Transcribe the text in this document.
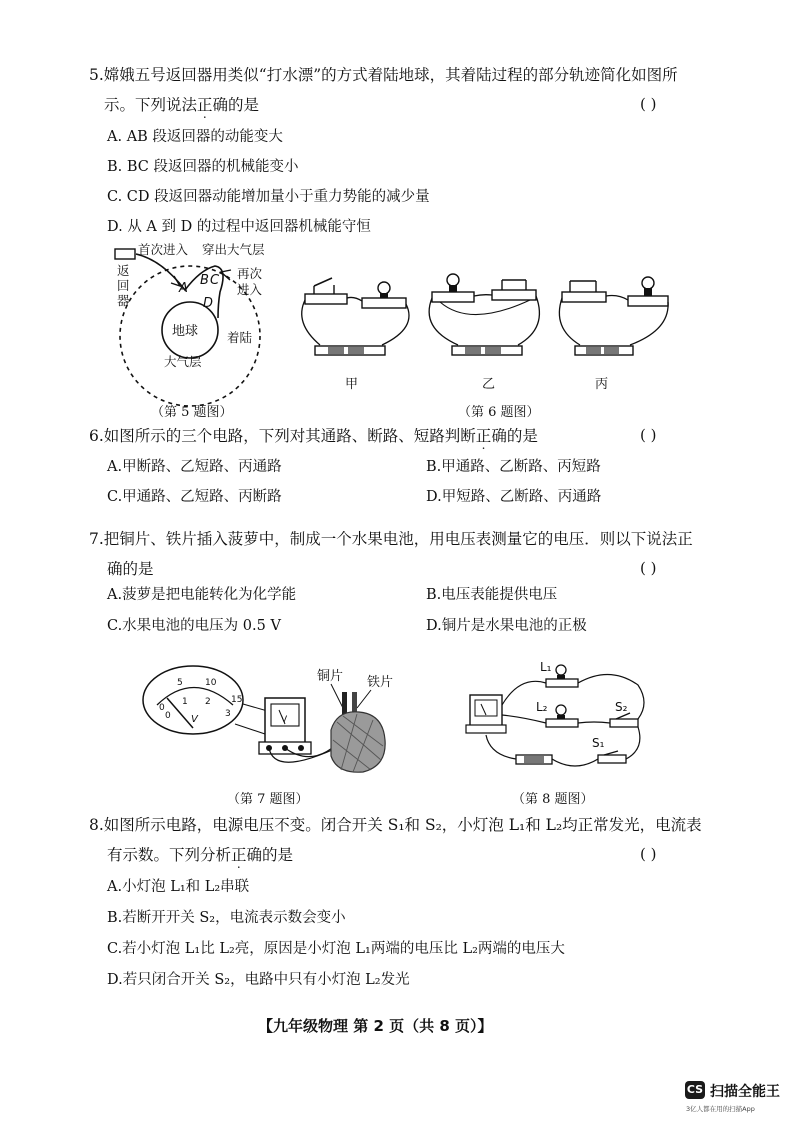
5.嫦娥五号返回器用类似“打水漂”的方式着陆地球，其着陆过程的部分轨迹简化如图所
示。下列说法正确的是	( )
A. AB 段返回器的动能变大
B. BC 段返回器的机械能变小
C. CD 段返回器动能增加量小于重力势能的减少量
D. 从 A 到 D 的过程中返回器机械能守恒
返
回
器
首次进入 穿出大气层
再次
进入
A
B C
D
着陆
地球
大气层
（第 5 题图）
甲	乙	丙
（第 6 题图）
6.如图所示的三个电路，下列对其通路、断路、短路判断正确的是	( )
A.甲断路、乙短路、丙通路	B.甲通路、乙断路、丙短路
C.甲通路、乙短路、丙断路	D.甲短路、乙断路、丙通路
7.把铜片、铁片插入菠萝中，制成一个水果电池，用电压表测量它的电压．则以下说法正
确的是	( )
A.菠萝是把电能转化为化学能	B.电压表能提供电压
C.水果电池的电压为 0.5 V	D.铜片是水果电池的正极
0
5 10
15
0
1 2
3
V	V
铜片 铁片
（第 7 题图）
L₁
L₂	S₂
S₁
（第 8 题图）
8.如图所示电路，电源电压不变。闭合开关 S₁和 S₂，小灯泡 L₁和 L₂均正常发光，电流表
有示数。下列分析正确的是	( )
A.小灯泡 L₁和 L₂串联
B.若断开开关 S₂，电流表示数会变小
C.若小灯泡 L₁比 L₂亮，原因是小灯泡 L₁两端的电压比 L₂两端的电压大
D.若只闭合开关 S₂，电路中只有小灯泡 L₂发光
【九年级物理 第 2 页（共 8 页）】
CS 扫描全能王
3亿人都在用的扫描App
